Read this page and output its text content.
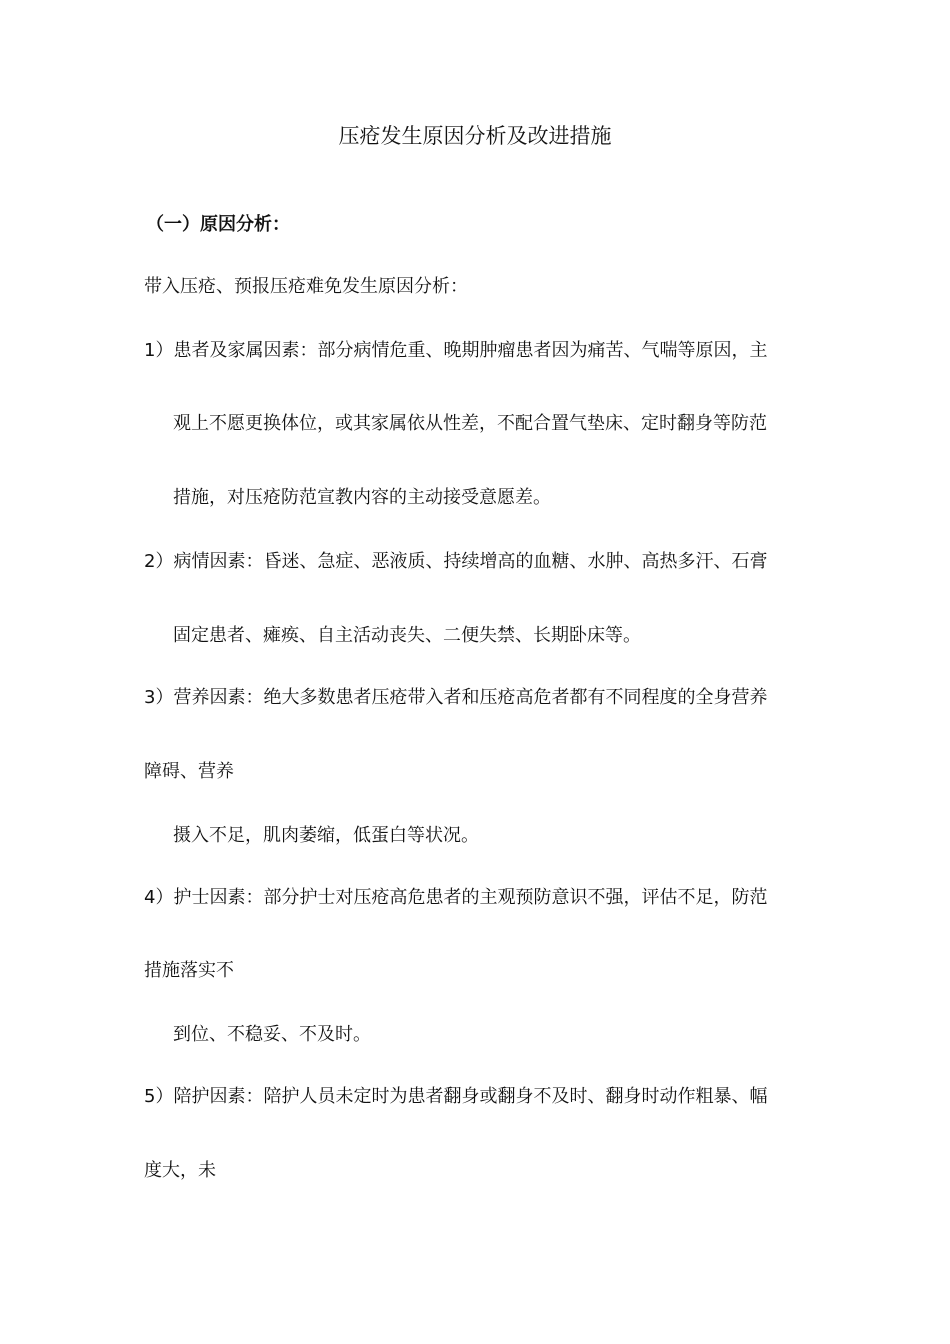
压疮发生原因分析及改进措施
（一）原因分析：
带入压疮、预报压疮难免发生原因分析：
1）患者及家属因素：部分病情危重、晚期肿瘤患者因为痛苦、气喘等原因，主
观上不愿更换体位，或其家属依从性差，不配合置气垫床、定时翻身等防范
措施，对压疮防范宣教内容的主动接受意愿差。
2）病情因素：昏迷、急症、恶液质、持续增高的血糖、水肿、高热多汗、石膏
固定患者、瘫痪、自主活动丧失、二便失禁、长期卧床等。
3）营养因素：绝大多数患者压疮带入者和压疮高危者都有不同程度的全身营养
障碍、营养
摄入不足，肌肉萎缩，低蛋白等状况。
4）护士因素：部分护士对压疮高危患者的主观预防意识不强，评估不足，防范
措施落实不
到位、不稳妥、不及时。
5）陪护因素：陪护人员未定时为患者翻身或翻身不及时、翻身时动作粗暴、幅
度大，未
